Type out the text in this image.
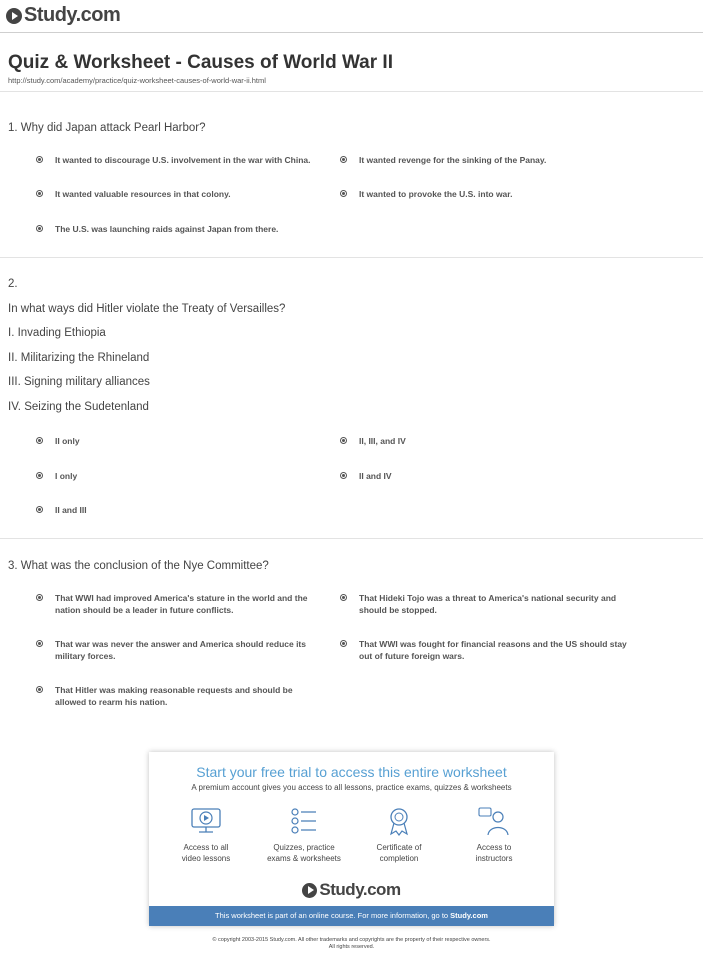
Study.com
Quiz & Worksheet - Causes of World War II
http://study.com/academy/practice/quiz-worksheet-causes-of-world-war-ii.html
1. Why did Japan attack Pearl Harbor?
It wanted to discourage U.S. involvement in the war with China.	It wanted revenge for the sinking of the Panay.
It wanted valuable resources in that colony.	It wanted to provoke the U.S. into war.
The U.S. was launching raids against Japan from there.
2.
In what ways did Hitler violate the Treaty of Versailles?
I. Invading Ethiopia
II. Militarizing the Rhineland
III. Signing military alliances
IV. Seizing the Sudetenland
II only	II, III, and IV
I only	II and IV
II and III
3. What was the conclusion of the Nye Committee?
That WWI had improved America's stature in the world and the nation should be a leader in future conflicts.
That Hideki Tojo was a threat to America's national security and should be stopped.
That war was never the answer and America should reduce its military forces.
That WWI was fought for financial reasons and the US should stay out of future foreign wars.
That Hitler was making reasonable requests and should be allowed to rearm his nation.
Start your free trial to access this entire worksheet
A premium account gives you access to all lessons, practice exams, quizzes & worksheets
Access to all
video lessons
Quizzes, practice
exams & worksheets
Certificate of
completion
Access to
instructors
Study.com
This worksheet is part of an online course. For more information, go to Study.com
© copyright 2003-2015 Study.com. All other trademarks and copyrights are the property of their respective owners.
All rights reserved.
